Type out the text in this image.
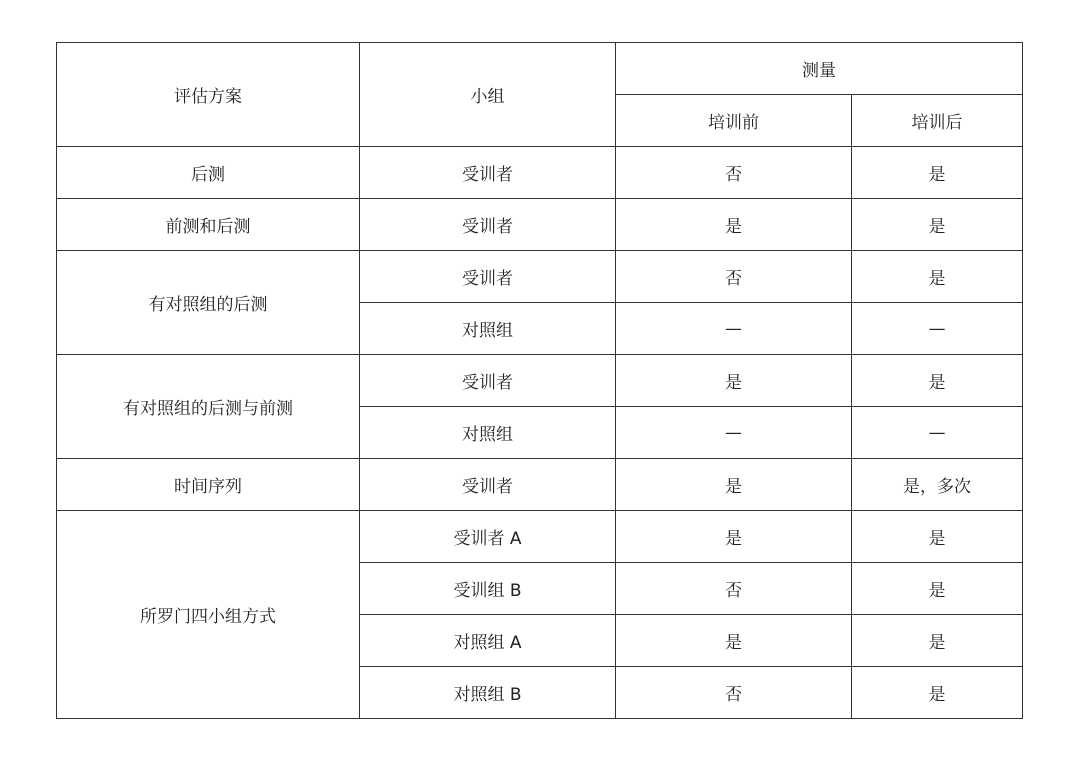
评估方案	小组	测量	
		培训前	培训后
后测	受训者	否	是
前测和后测	受训者	是	是
有对照组的后测	受训者	否	是
	对照组	—	—
有对照组的后测与前测	受训者	是	是
	对照组	—	—
时间序列	受训者	是	是，多次
所罗门四小组方式	受训者 A	是	是
	受训组 B	否	是
	对照组 A	是	是
	对照组 B	否	是
